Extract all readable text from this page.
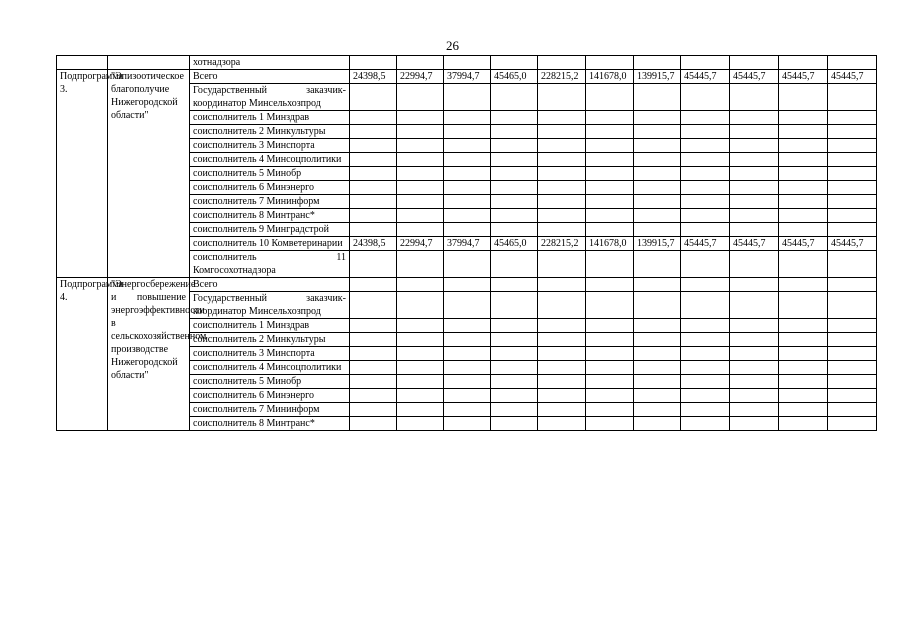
26
		хотнадзора												
Подпрограмма 3.	"Эпизоотическое благополучие Нижегородской области"	Всего	24398,5	22994,7	37994,7	45465,0	228215,2	141678,0	139915,7	45445,7	45445,7	45445,7	45445,7	
		Государственный заказчик-координатор Минсельхозпрод												
		соисполнитель 1 Минздрав												
		соисполнитель 2 Минкультуры												
		соисполнитель 3 Минспорта												
		соисполнитель 4 Минсоцполитики												
		соисполнитель 5 Минобр												
		соисполнитель 6 Минэнерго												
		соисполнитель 7 Мининформ												
		соисполнитель 8 Минтранс*												
		соисполнитель 9 Минградстрой												
		соисполнитель 10 Комветеринарии	24398,5	22994,7	37994,7	45465,0	228215,2	141678,0	139915,7	45445,7	45445,7	45445,7	45445,7	
		соисполнитель 11 Комгосохотнадзора												
Подпрограмма 4.	"Энергосбережение и повышение энергоэффективности в сельскохозяйственном производстве Нижегородской области"	Всего												
		Государственный заказчик-координатор Минсельхозпрод												
		соисполнитель 1 Минздрав												
		соисполнитель 2 Минкультуры												
		соисполнитель 3 Минспорта												
		соисполнитель 4 Минсоцполитики												
		соисполнитель 5 Минобр												
		соисполнитель 6 Минэнерго												
		соисполнитель 7 Мининформ												
		соисполнитель 8 Минтранс*												
